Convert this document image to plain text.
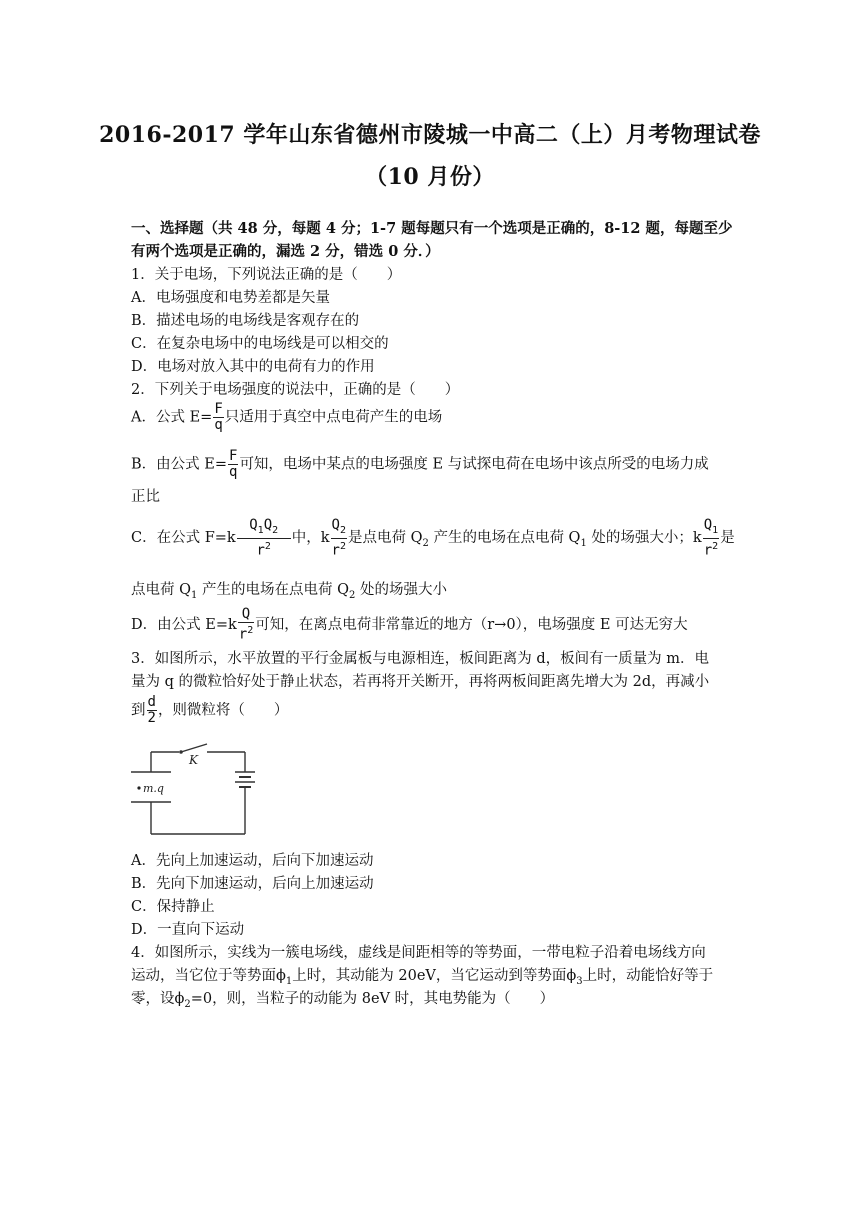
2016-2017 学年山东省德州市陵城一中高二（上）月考物理试卷
（10 月份）
一、选择题（共 48 分，每题 4 分；1-7 题每题只有一个选项是正确的，8-12 题，每题至少
有两个选项是正确的，漏选 2 分，错选 0 分．）
1．关于电场，下列说法正确的是（　　）
A．电场强度和电势差都是矢量
B．描述电场的电场线是客观存在的
C．在复杂电场中的电场线是可以相交的
D．电场对放入其中的电荷有力的作用
2．下列关于电场强度的说法中，正确的是（　　）
A．公式 $E= \frac{F}{q}$ 只适用于真空中点电荷产生的电场
B．由公式 $E= \frac{F}{q}$ 可知，电场中某点的电场强度 E 与试探电荷在电场中该点所受的电场力成
正比
C．在公式 $F=k \frac{Q_1Q_2}{r^2}$ 中，k $\frac{Q_2}{r^2}$ 是点电荷 $Q_2$ 产生的电场在点电荷 $Q_1$ 处的场强大小；k $\frac{Q_1}{r^2}$ 是
点电荷 $Q_1$ 产生的电场在点电荷 $Q_2$ 处的场强大小
D．由公式 $E=k \frac{Q}{r^2}$ 可知，在离点电荷非常靠近的地方（r→0），电场强度 E 可达无穷大
3．如图所示，水平放置的平行金属板与电源相连，板间距离为 d，板间有一质量为 m．电
量为 q 的微粒恰好处于静止状态，若再将开关断开，再将两板间距离先增大为 2d，再减小
到 $\frac{d}{2}$ ，则微粒将（　　）
K
m.q
A．先向上加速运动，后向下加速运动
B．先向下加速运动，后向上加速运动
C．保持静止
D．一直向下运动
4．如图所示，实线为一簇电场线，虚线是间距相等的等势面，一带电粒子沿着电场线方向
运动，当它位于等势面$\phi_1$上时，其动能为 20eV，当它运动到等势面$\phi_3$上时，动能恰好等于
零，设$\phi_2=0$，则，当粒子的动能为 8eV 时，其电势能为（　　）
